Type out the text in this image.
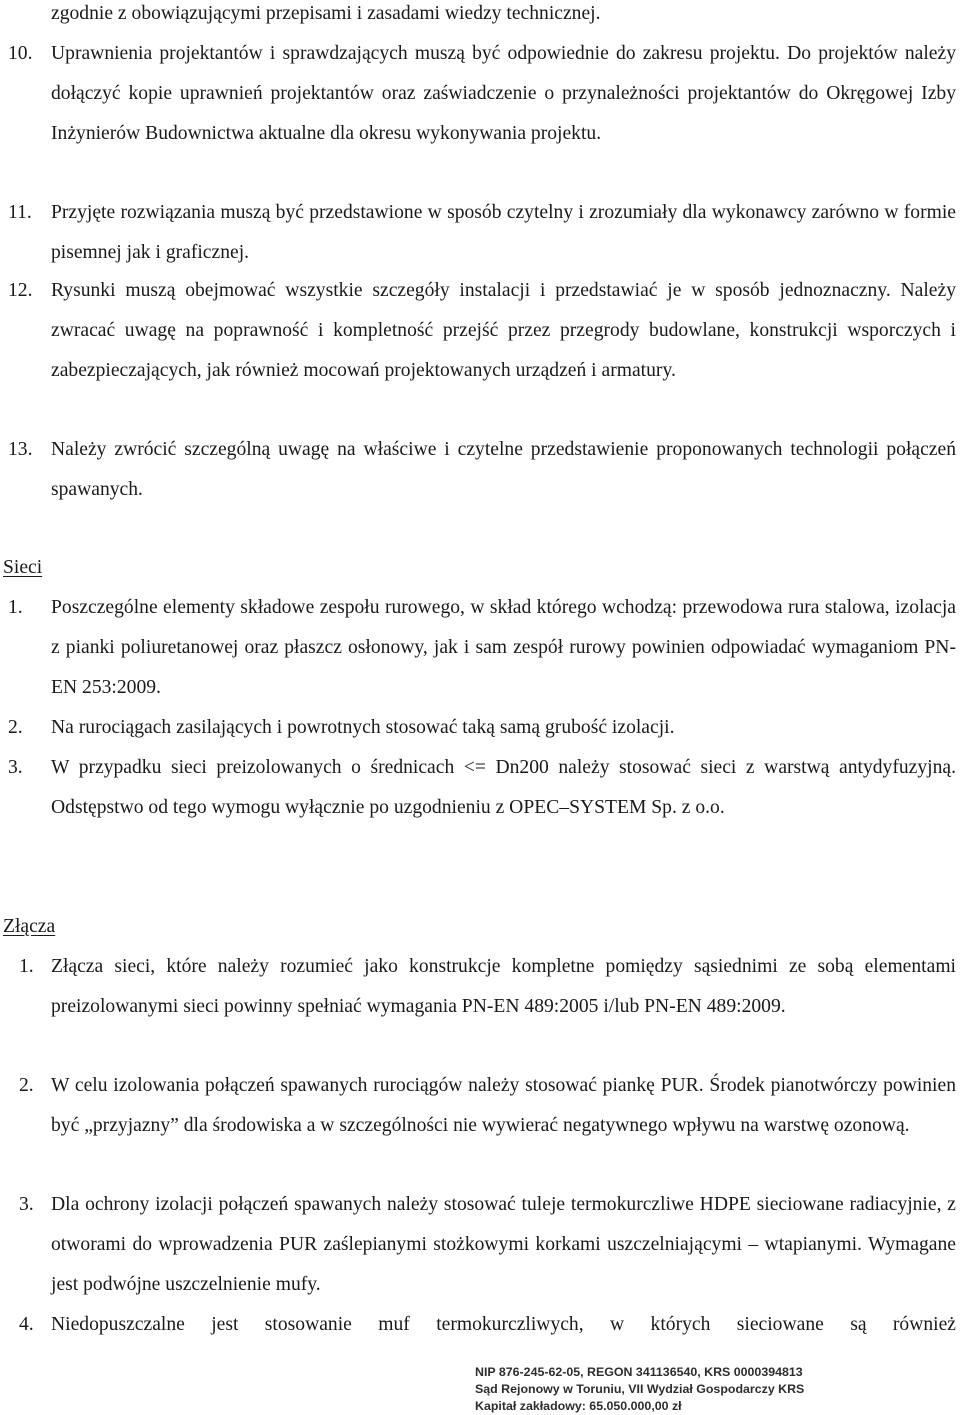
zgodnie z obowiązującymi przepisami i zasadami wiedzy technicznej.
10. Uprawnienia projektantów i sprawdzających muszą być odpowiednie do zakresu projektu. Do projektów należy dołączyć kopie uprawnień projektantów oraz zaświadczenie o przynależności projektantów do Okręgowej Izby Inżynierów Budownictwa aktualne dla okresu wykonywania projektu.
11. Przyjęte rozwiązania muszą być przedstawione w sposób czytelny i zrozumiały dla wykonawcy zarówno w formie pisemnej jak i graficznej.
12. Rysunki muszą obejmować wszystkie szczegóły instalacji i przedstawiać je w sposób jednoznaczny. Należy zwracać uwagę na poprawność i kompletność przejść przez przegrody budowlane, konstrukcji wsporczych i zabezpieczających, jak również mocowań projektowanych urządzeń i armatury.
13. Należy zwrócić szczególną uwagę na właściwe i czytelne przedstawienie proponowanych technologii połączeń spawanych.
Sieci
1. Poszczególne elementy składowe zespołu rurowego, w skład którego wchodzą: przewodowa rura stalowa, izolacja z pianki poliuretanowej oraz płaszcz osłonowy, jak i sam zespół rurowy powinien odpowiadać wymaganiom PN-EN 253:2009.
2. Na rurociągach zasilających i powrotnych stosować taką samą grubość izolacji.
3. W przypadku sieci preizolowanych o średnicach <= Dn200 należy stosować sieci z warstwą antydyfuzyjną. Odstępstwo od tego wymogu wyłącznie po uzgodnieniu z OPEC–SYSTEM Sp. z o.o.
Złącza
1. Złącza sieci, które należy rozumieć jako konstrukcje kompletne pomiędzy sąsiednimi ze sobą elementami preizolowanymi sieci powinny spełniać wymagania PN-EN 489:2005 i/lub PN-EN 489:2009.
2. W celu izolowania połączeń spawanych rurociągów należy stosować piankę PUR. Środek pianotwórczy powinien być „przyjazny” dla środowiska a w szczególności nie wywierać negatywnego wpływu na warstwę ozonową.
3. Dla ochrony izolacji połączeń spawanych należy stosować tuleje termokurczliwe HDPE sieciowane radiacyjnie, z otworami do wprowadzenia PUR zaślepianymi stożkowymi korkami uszczelniającymi – wtapianymi. Wymagane jest podwójne uszczelnienie mufy.
4. Niedopuszczalne jest stosowanie muf termokurczliwych, w których sieciowane są również
NIP 876-245-62-05, REGON 341136540, KRS 0000394813
Sąd Rejonowy w Toruniu, VII Wydział Gospodarczy KRS
Kapitał zakładowy: 65.050.000,00 zł
